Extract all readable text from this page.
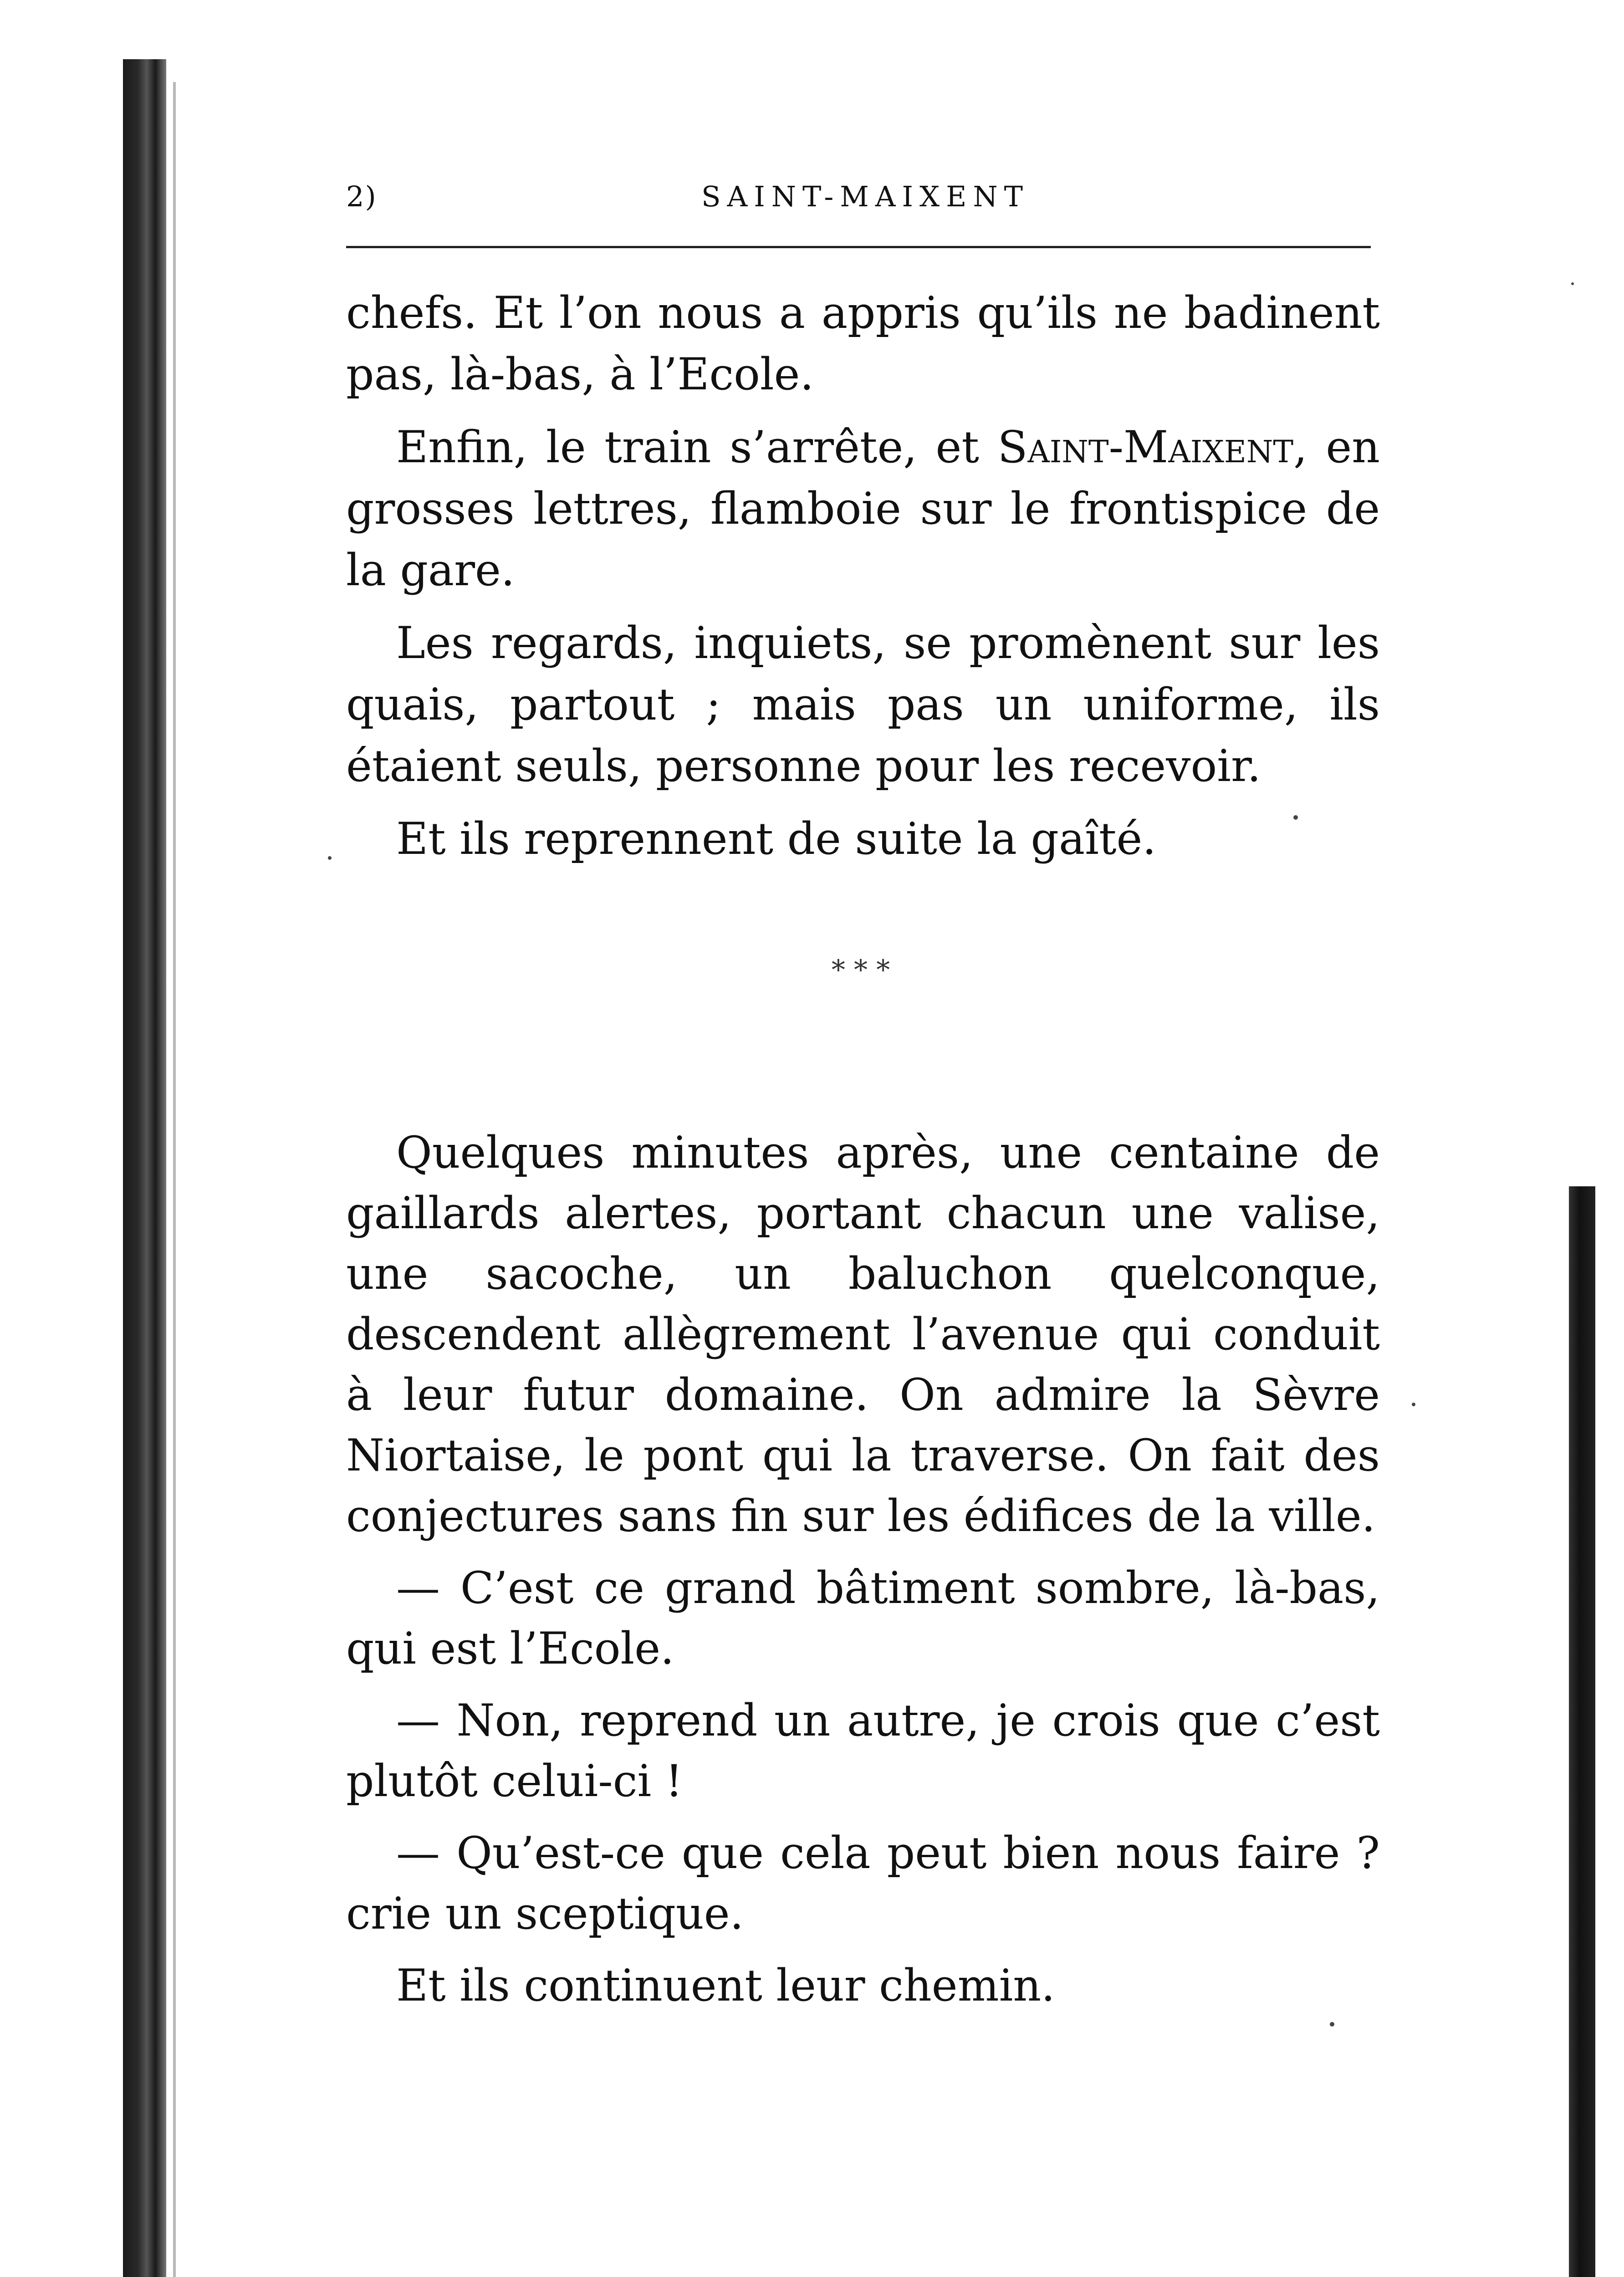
2)	SAINT-MAIXENT

chefs. Et l’on nous a appris qu’ils ne badinent pas, là-bas, à l’Ecole.

Enfin, le train s’arrête, et Saint-Maixent, en grosses lettres, flamboie sur le frontispice de la gare.

Les regards, inquiets, se promènent sur les quais, partout ; mais pas un uniforme, ils étaient seuls, personne pour les recevoir.

Et ils reprennent de suite la gaîté.

* * *

Quelques minutes après, une centaine de gaillards alertes, portant chacun une valise, une sacoche, un baluchon quelconque, descendent allègrement l’avenue qui conduit à leur futur domaine. On admire la Sèvre Niortaise, le pont qui la traverse. On fait des conjectures sans fin sur les édifices de la ville.

— C’est ce grand bâtiment sombre, là-bas, qui est l’Ecole.

— Non, reprend un autre, je crois que c’est plutôt celui-ci !

— Qu’est-ce que cela peut bien nous faire ? crie un sceptique.

Et ils continuent leur chemin.
